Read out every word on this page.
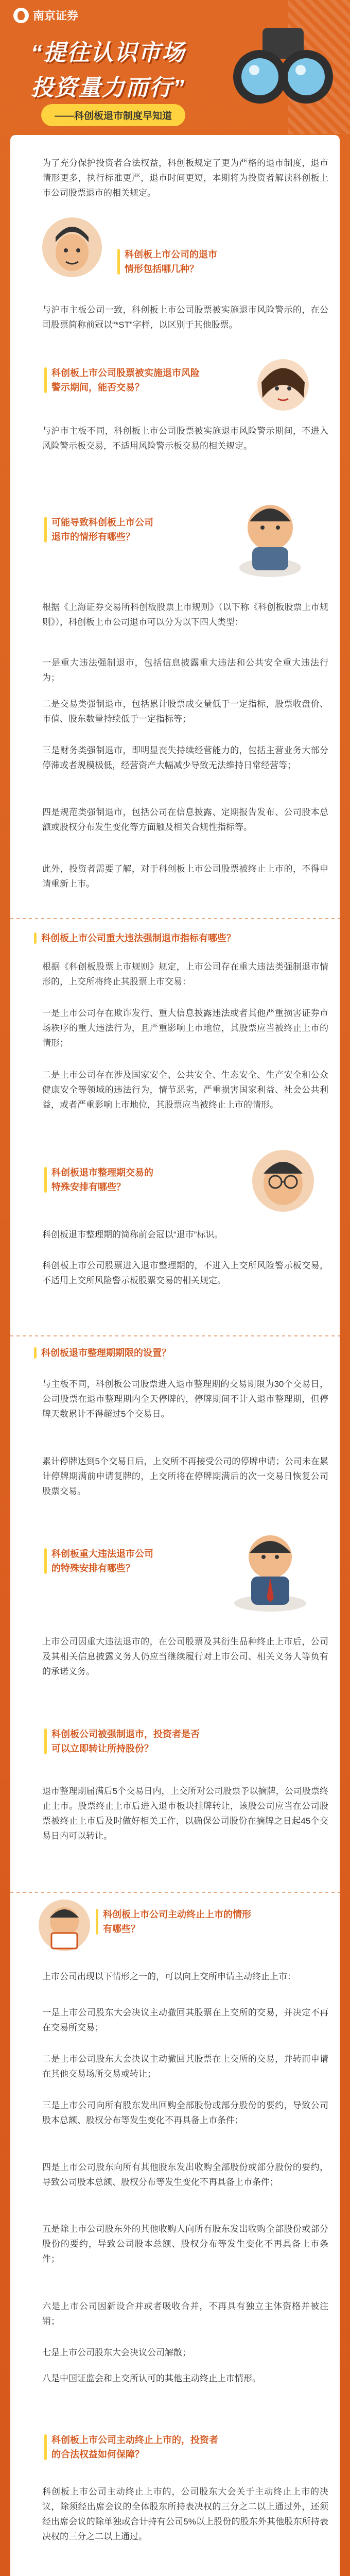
南京证券
“提往认识市场
投资量力而行”
——科创板退市制度早知道
为了充分保护投资者合法权益，科创板规定了更为严格的退市制度，退市情形更多，执行标准更严，退市时间更短，本期将为投资者解读科创板上市公司股票退市的相关规定。
科创板上市公司的退市
情形包括哪几种？
与沪市主板公司一致，科创板上市公司股票被实施退市风险警示的，在公司股票简称前冠以“*ST”字样，以区别于其他股票。
科创板上市公司股票被实施退市风险
警示期间，能否交易？
与沪市主板不同，科创板上市公司股票被实施退市风险警示期间，不进入风险警示板交易，不适用风险警示板交易的相关规定。
可能导致科创板上市公司
退市的情形有哪些？
根据《上海证券交易所科创板股票上市规则》（以下称《科创板股票上市规则》），科创板上市公司退市可以分为以下四大类型：
一是重大违法强制退市，包括信息披露重大违法和公共安全重大违法行为；
二是交易类强制退市，包括累计股票成交量低于一定指标，股票收盘价、市值、股东数量持续低于一定指标等；
三是财务类强制退市，即明显丧失持续经营能力的，包括主营业务大部分停滞或者规模极低，经营资产大幅减少导致无法维持日常经营等；
四是规范类强制退市，包括公司在信息披露、定期报告发布、公司股本总额或股权分布发生变化等方面触及相关合规性指标等。
此外，投资者需要了解，对于科创板上市公司股票被终止上市的，不得申请重新上市。
科创板上市公司重大违法强制退市指标有哪些？
根据《科创板股票上市规则》规定，上市公司存在重大违法类强制退市情形的，上交所将终止其股票上市交易：
一是上市公司存在欺诈发行、重大信息披露违法或者其他严重损害证券市场秩序的重大违法行为，且严重影响上市地位，其股票应当被终止上市的情形；
二是上市公司存在涉及国家安全、公共安全、生态安全、生产安全和公众健康安全等领域的违法行为，情节恶劣，严重损害国家利益、社会公共利益，或者严重影响上市地位，其股票应当被终止上市的情形。
科创板退市整理期交易的
特殊安排有哪些？
科创板退市整理期的简称前会冠以“退市”标识。
科创板上市公司股票进入退市整理期的，不进入上交所风险警示板交易，不适用上交所风险警示板股票交易的相关规定。
科创板退市整理期期限的设置？
与主板不同，科创板公司股票进入退市整理期的交易期限为30个交易日，公司股票在退市整理期内全天停牌的，停牌期间不计入退市整理期，但停牌天数累计不得超过5个交易日。
累计停牌达到5个交易日后，上交所不再接受公司的停牌申请；公司未在累计停牌期满前申请复牌的，上交所将在停牌期满后的次一交易日恢复公司股票交易。
科创板重大违法退市公司
的特殊安排有哪些？
上市公司因重大违法退市的，在公司股票及其衍生品种终止上市后，公司及其相关信息披露义务人仍应当继续履行对上市公司、相关义务人等负有的承诺义务。
科创板公司被强制退市，投资者是否
可以立即转让所持股份？
退市整理期届满后5个交易日内，上交所对公司股票予以摘牌，公司股票终止上市。股票终止上市后进入退市板块挂牌转让，该股公司应当在公司股票被终止上市后及时做好相关工作，以确保公司股份在摘牌之日起45个交易日内可以转让。
科创板上市公司主动终止上市的情形
有哪些？
上市公司出现以下情形之一的，可以向上交所申请主动终止上市：
一是上市公司股东大会决议主动撤回其股票在上交所的交易，并决定不再在交易所交易；
二是上市公司股东大会决议主动撤回其股票在上交所的交易，并转而申请在其他交易场所交易或转让；
三是上市公司向所有股东发出回购全部股份或部分股份的要约，导致公司股本总额、股权分布等发生变化不再具备上市条件；
四是上市公司股东向所有其他股东发出收购全部股份或部分股份的要约，导致公司股本总额、股权分布等发生变化不再具备上市条件；
五是除上市公司股东外的其他收购人向所有股东发出收购全部股份或部分股份的要约，导致公司股本总额、股权分布等发生变化不再具备上市条件；
六是上市公司因新设合并或者吸收合并，不再具有独立主体资格并被注销；
七是上市公司股东大会决议公司解散；
八是中国证监会和上交所认可的其他主动终止上市情形。
科创板上市公司主动终止上市的，投资者
的合法权益如何保障？
科创板上市公司主动终止上市的，公司股东大会关于主动终止上市的决议，除须经出席会议的全体股东所持表决权的三分之二以上通过外，还须经出席会议的除单独或合计持有公司5%以上股份的股东外其他股东所持表决权的三分之二以上通过。
